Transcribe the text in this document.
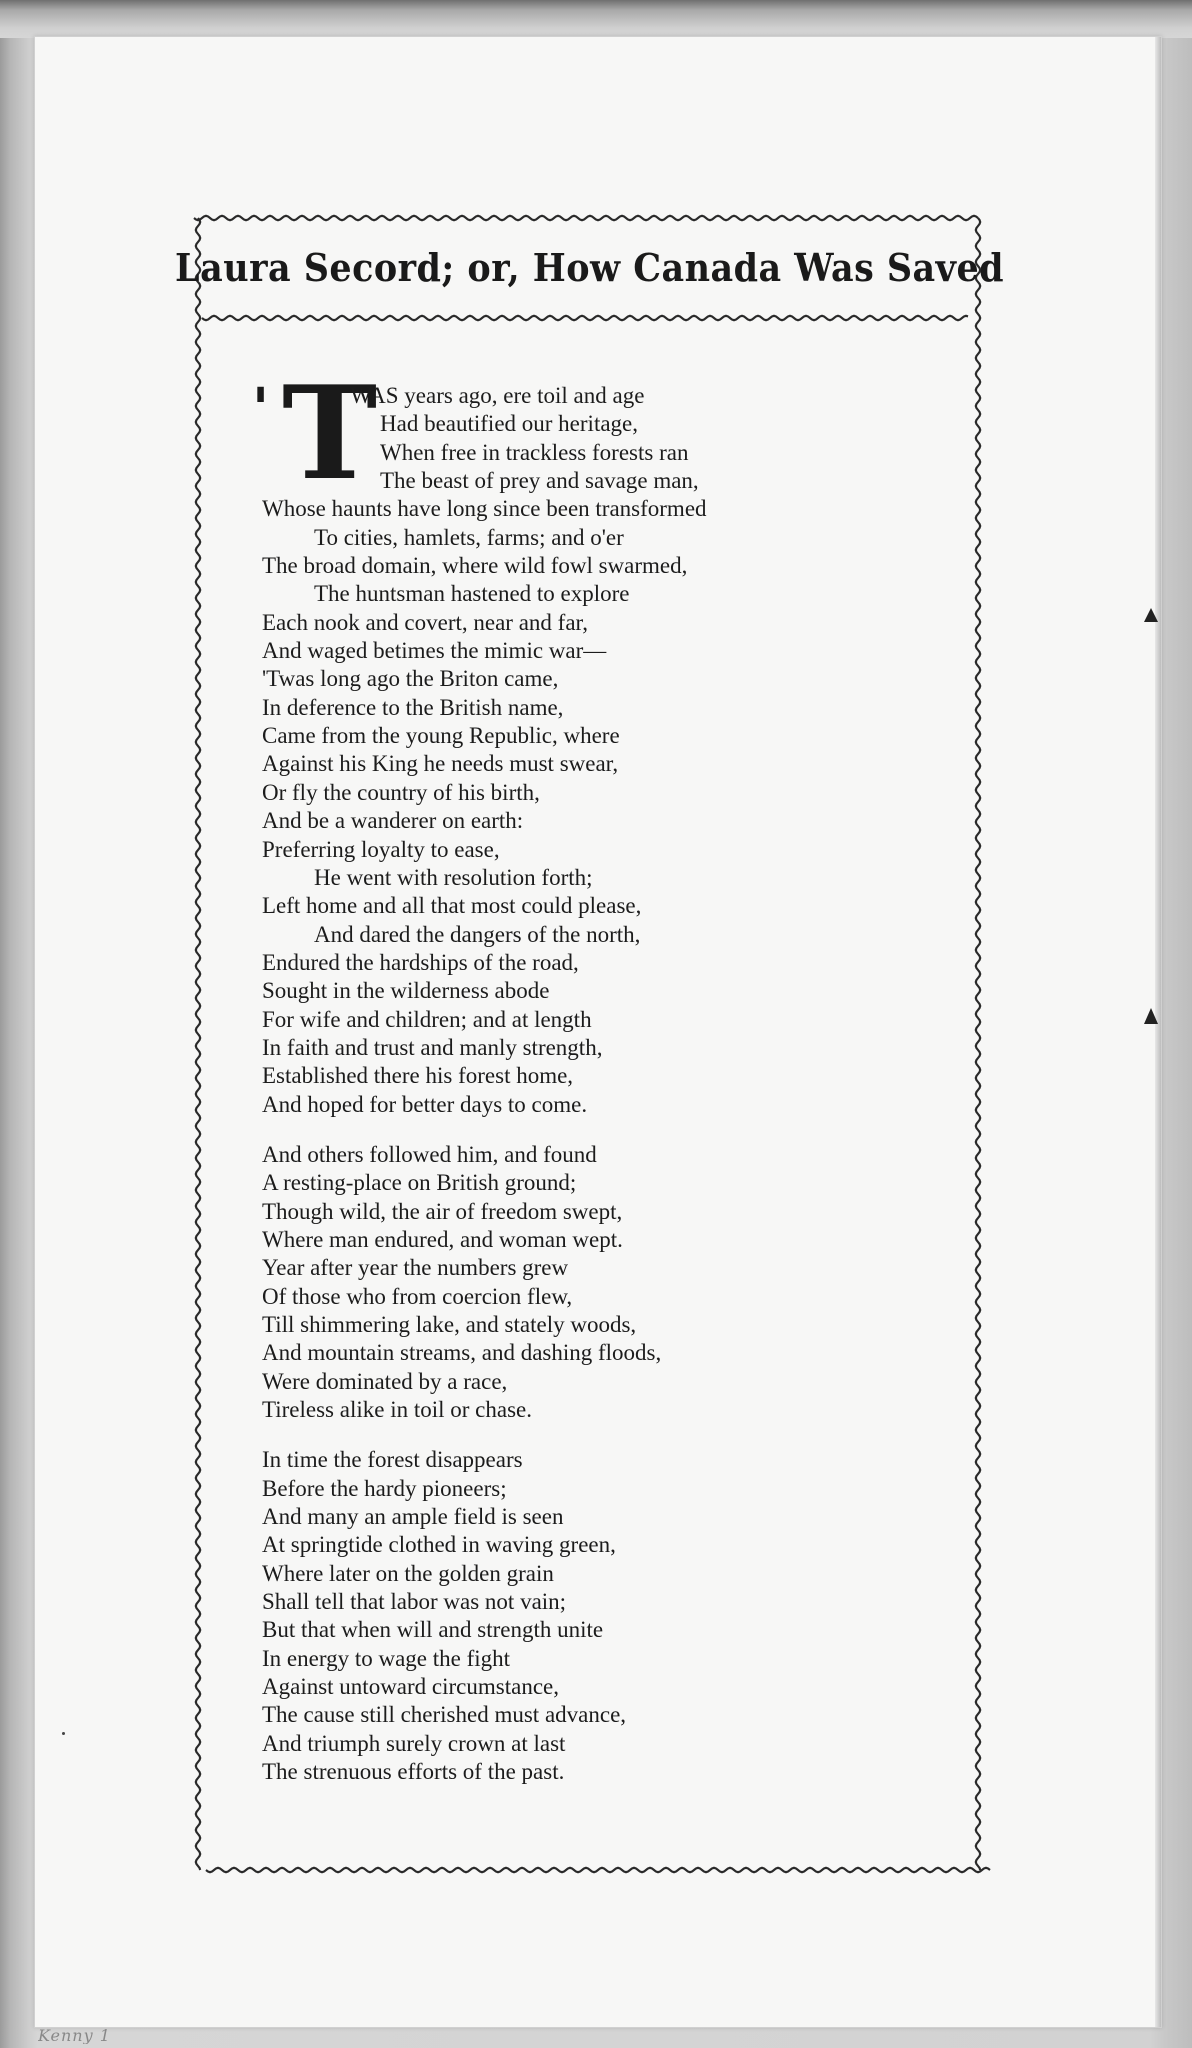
Laura Secord; or, How Canada Was Saved
' T
WAS years ago, ere toil and age
Had beautified our heritage,
When free in trackless forests ran
The beast of prey and savage man,
Whose haunts have long since been transformed
To cities, hamlets, farms; and o'er
The broad domain, where wild fowl swarmed,
The huntsman hastened to explore
Each nook and covert, near and far,
And waged betimes the mimic war—
'Twas long ago the Briton came,
In deference to the British name,
Came from the young Republic, where
Against his King he needs must swear,
Or fly the country of his birth,
And be a wanderer on earth:
Preferring loyalty to ease,
He went with resolution forth;
Left home and all that most could please,
And dared the dangers of the north,
Endured the hardships of the road,
Sought in the wilderness abode
For wife and children; and at length
In faith and trust and manly strength,
Established there his forest home,
And hoped for better days to come.
And others followed him, and found
A resting-place on British ground;
Though wild, the air of freedom swept,
Where man endured, and woman wept.
Year after year the numbers grew
Of those who from coercion flew,
Till shimmering lake, and stately woods,
And mountain streams, and dashing floods,
Were dominated by a race,
Tireless alike in toil or chase.
In time the forest disappears
Before the hardy pioneers;
And many an ample field is seen
At springtide clothed in waving green,
Where later on the golden grain
Shall tell that labor was not vain;
But that when will and strength unite
In energy to wage the fight
Against untoward circumstance,
The cause still cherished must advance,
And triumph surely crown at last
The strenuous efforts of the past.
Kenny 1
